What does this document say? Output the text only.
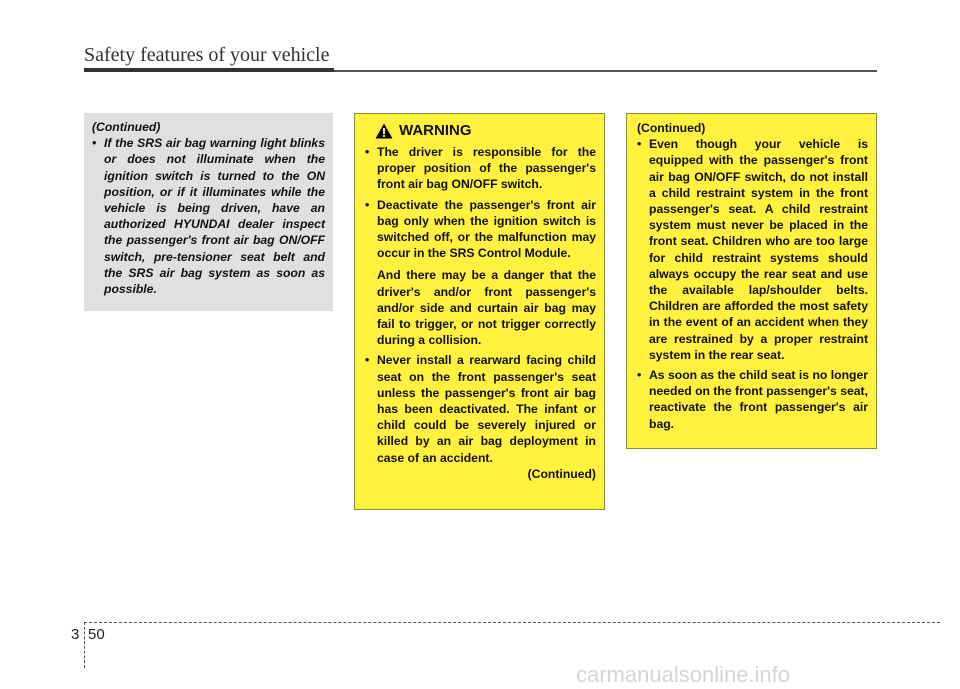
Safety features of your vehicle

(Continued)

• If the SRS air bag warning light blinks or does not illuminate when the ignition switch is turned to the ON position, or if it illuminates while the vehicle is being driven, have an authorized HYUNDAI dealer inspect the passenger's front air bag ON/OFF switch, pre-tensioner seat belt and the SRS air bag system as soon as possible.
WARNING
• The driver is responsible for the proper position of the passenger's front air bag ON/OFF switch.
• Deactivate the passenger's front air bag only when the ignition switch is switched off, or the malfunction may occur in the SRS Control Module.

And there may be a danger that the driver's and/or front passenger's and/or side and curtain air bag may fail to trigger, or not trigger correctly during a collision.

• Never install a rearward facing child seat on the front passenger's seat unless the passenger's front air bag has been deactivated. The infant or child could be severely injured or killed by an air bag deployment in case of an accident.

(Continued)

(Continued)

• Even though your vehicle is equipped with the passenger's front air bag ON/OFF switch, do not install a child restraint system in the front passenger's seat. A child restraint system must never be placed in the front seat. Children who are too large for child restraint systems should always occupy the rear seat and use the available lap/shoulder belts. Children are afforded the most safety in the event of an accident when they are restrained by a proper restraint system in the rear seat.
• As soon as the child seat is no longer needed on the front passenger's seat, reactivate the front passenger's air bag.
3 50
carmanualsonline.info
